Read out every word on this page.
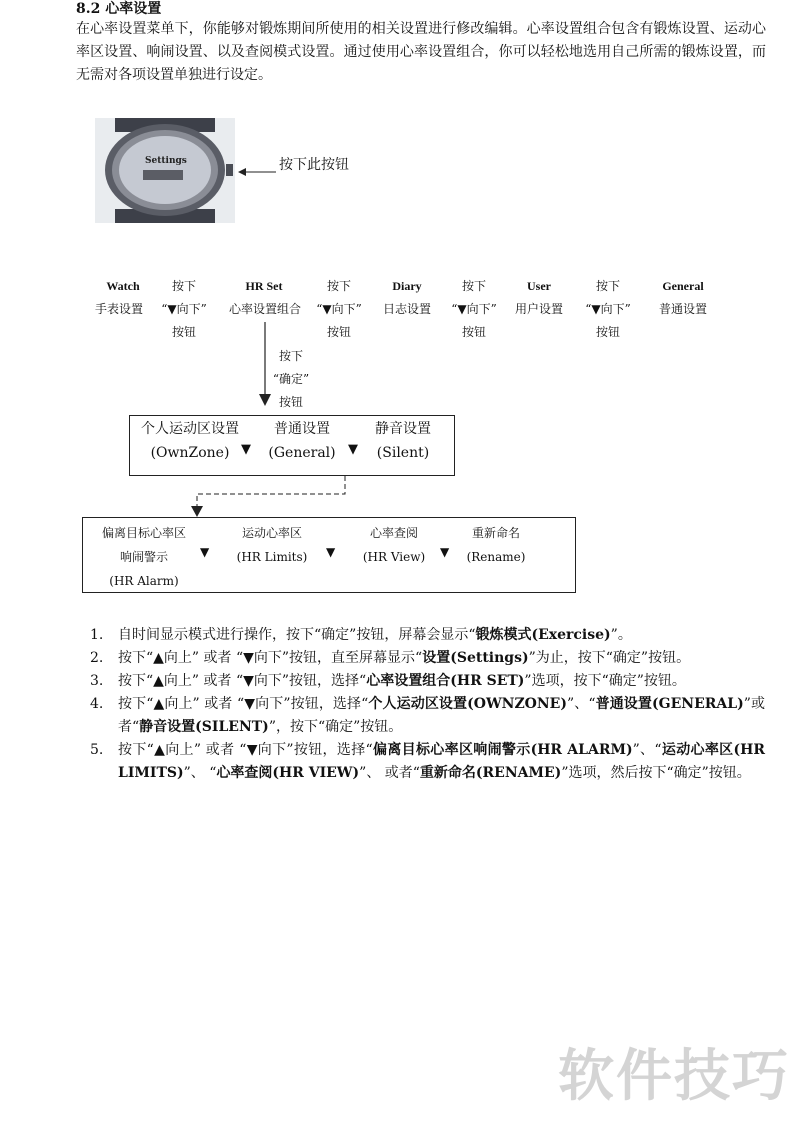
8.2 心率设置
在心率设置菜单下，你能够对锻炼期间所使用的相关设置进行修改编辑。心率设置组合包含有锻炼设置、运动心率区设置、响闹设置、以及查阅模式设置。通过使用心率设置组合，你可以轻松地选用自己所需的锻炼设置，而无需对各项设置单独进行设定。
Settings	按下此按钮
Watch
手表设置
按下
“▼向下”
按钮
HR Set
心率设置组合
按下
“▼向下”
按钮
Diary
日志设置
按下
“▼向下”
按钮
User
用户设置
按下
“▼向下”
按钮
General
普通设置
按下
“确定”
按钮
个人运动区设置
(OwnZone) ▼
普通设置
(General) ▼
静音设置
(Silent)
偏离目标心率区
响闹警示
(HR Alarm)
▼
运动心率区
(HR Limits)	▼
心率查阅
(HR View)	▼
重新命名
(Rename)
1.	自时间显示模式进行操作，按下“确定”按钮，屏幕会显示“锻炼模式(Exercise)”。
2.	按下“▲向上” 或者 “▼向下”按钮，直至屏幕显示“设置(Settings)”为止，按下“确定”按钮。
3.	按下“▲向上” 或者 “▼向下”按钮，选择“心率设置组合(HR SET)”选项，按下“确定”按钮。
4.	按下“▲向上” 或者 “▼向下”按钮，选择“个人运动区设置(OWNZONE)”、“普通设置(GENERAL)”或者“静音设置(SILENT)”，按下“确定”按钮。
5.	按下“▲向上” 或者 “▼向下”按钮，选择“偏离目标心率区响闹警示(HR ALARM)”、“运动心率区(HR LIMITS)”、 “心率查阅(HR VIEW)”、 或者“重新命名(RENAME)”选项，然后按下“确定”按钮。
软件技巧
